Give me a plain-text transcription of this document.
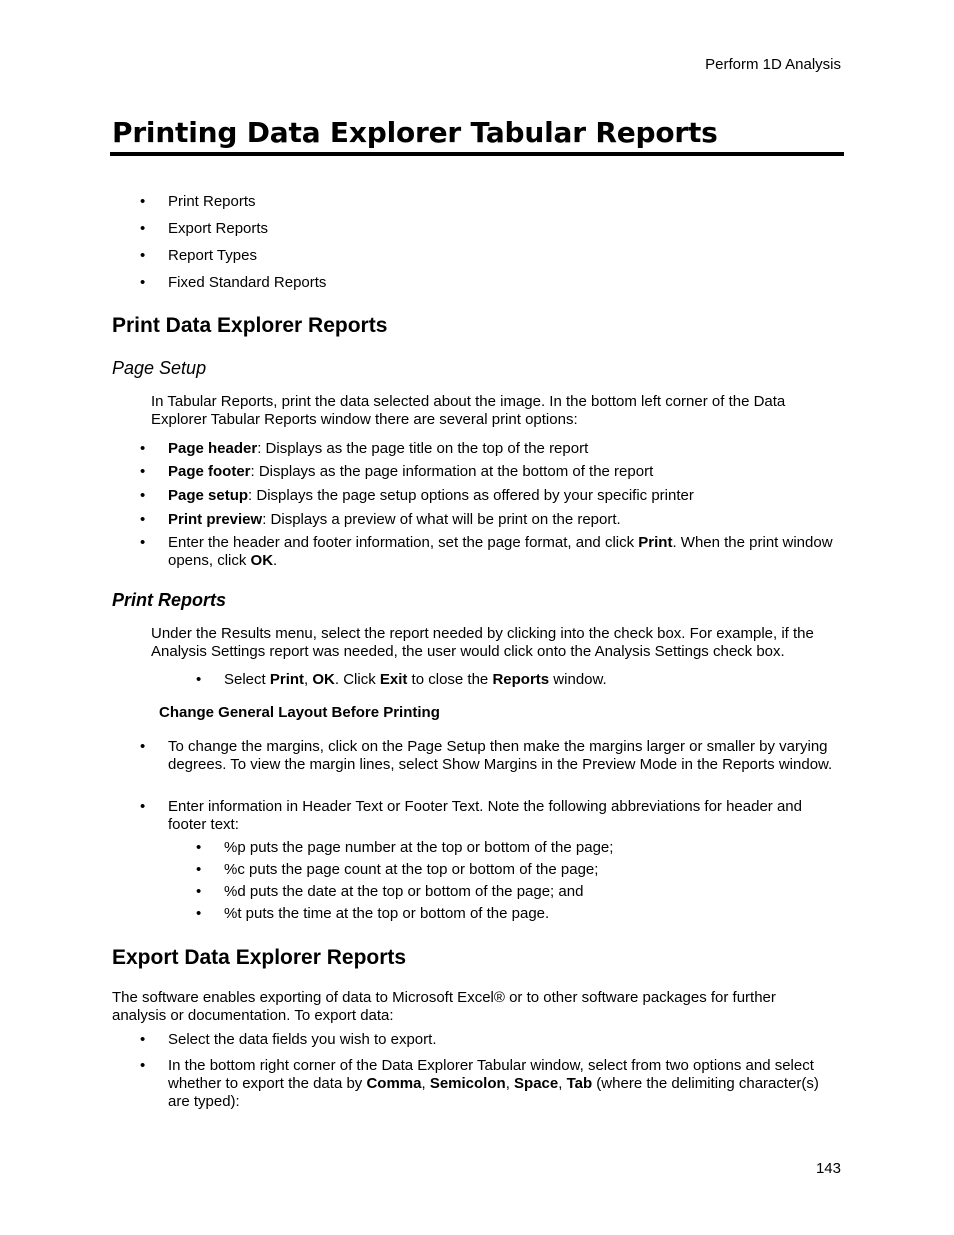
Perform 1D Analysis
Printing Data Explorer Tabular Reports
• Print Reports
• Export Reports
• Report Types
• Fixed Standard Reports
Print Data Explorer Reports
Page Setup

In Tabular Reports, print the data selected about the image. In the bottom left corner of the Data Explorer Tabular Reports window there are several print options:

• Page header: Displays as the page title on the top of the report
• Page footer: Displays as the page information at the bottom of the report
• Page setup: Displays the page setup options as offered by your specific printer
• Print preview: Displays a preview of what will be print on the report.
• Enter the header and footer information, set the page format, and click Print. When the print window opens, click OK.
Print Reports

Under the Results menu, select the report needed by clicking into the check box. For example, if the Analysis Settings report was needed, the user would click onto the Analysis Settings check box.

• Select Print, OK. Click Exit to close the Reports window.
Change General Layout Before Printing
• To change the margins, click on the Page Setup then make the margins larger or smaller by varying degrees. To view the margin lines, select Show Margins in the Preview Mode in the Reports window.
• Enter information in Header Text or Footer Text. Note the following abbreviations for header and footer text:
• %p puts the page number at the top or bottom of the page;
• %c puts the page count at the top or bottom of the page;
• %d puts the date at the top or bottom of the page; and
• %t puts the time at the top or bottom of the page.
Export Data Explorer Reports

The software enables exporting of data to Microsoft Excel® or to other software packages for further analysis or documentation. To export data:

• Select the data fields you wish to export.
• In the bottom right corner of the Data Explorer Tabular window, select from two options and select whether to export the data by Comma, Semicolon, Space, Tab (where the delimiting character(s) are typed):
143
